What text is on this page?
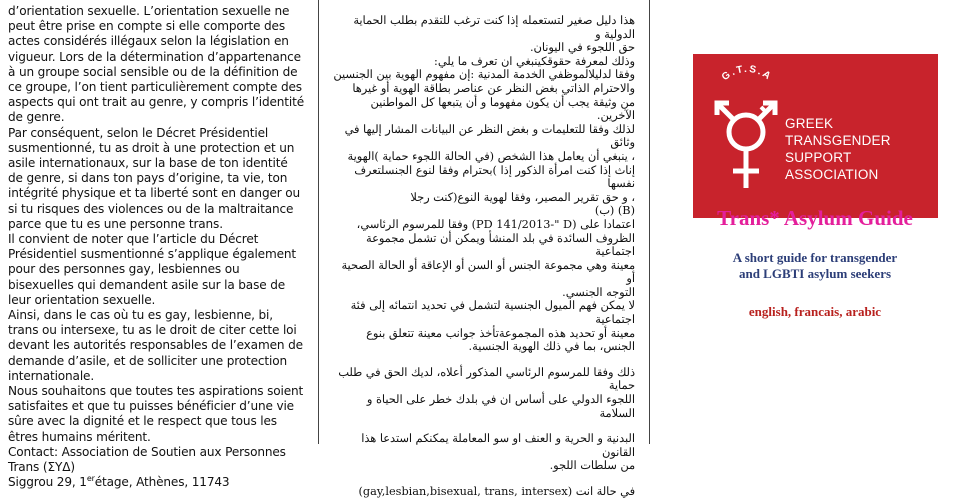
d’orientation sexuelle. L’orientation sexuelle ne peut être prise en compte si elle comporte des actes considérés illégaux selon la législation en vigueur. Lors de la détermination d’appartenance à un groupe social sensible ou de la définition de ce groupe, l’on tient particulièrement compte des aspects qui ont trait au genre, y compris l’identité de genre.

Par conséquent, selon le Décret Présidentiel susmentionné, tu as droit à une protection et un asile internationaux, sur la base de ton identité de genre, si dans ton pays d’origine, ta vie, ton intégrité physique et ta liberté sont en danger ou si tu risques des violences ou de la maltraitance parce que tu es une personne trans.

Il convient de noter que l’article du Décret Présidentiel susmentionné s’applique également pour des personnes gay, lesbiennes ou bisexuelles qui demandent asile sur la base de leur orientation sexuelle.

Ainsi, dans le cas où tu es gay, lesbienne, bi, trans ou intersexe, tu as le droit de citer cette loi devant les autorités responsables de l’examen de demande d’asile, et de solliciter une protection internationale.

Nous souhaitons que toutes tes aspirations soient satisfaites et que tu puisses bénéficier d’une vie sûre avec la dignité et le respect que tous les êtres humains méritent.

Contact: Association de Soutien aux Personnes Trans (ΣΥΔ)

Siggrou 29, 1erétage, Athènes, 11743

هذا دليل صغير لتستعمله إذا كنت ترغب للتقدم بطلب الحماية الدولية و

حق اللجوء في اليونان.

وذلك لمعرفة حقوقكينبغي ان تعرف ما يلي:

وفقا لدليلالموظفي الخدمة المدنية :إن مفهوم الهوية بين الجنسين

والاحترام الذاتي بغض النظر عن عناصر بطاقة الهوية أو غيرها

من وثيقة يجب أن يكون مفهوما و أن يتبعها كل المواطنين الآخرين.

لذلك وفقا للتعليمات و بغض النظر عن البيانات المشار إليها في وثائق

، ينبغي أن يعامل هذا الشخص (في الحالة اللجوء حماية )الهوية

إناث إذا كنت امرأة الذكور إذا )بحترام وفقا لنوع الجنسلتعرف نفسها

، و حق تقرير المصير، وفقا لهوية النوع(كنت رجلا

(B) (ب)

اعتمادا على (PD 141/2013-" D) وفقا للمرسوم الرئاسي،

الظروف السائدة في بلد المنشأ ويمكن أن تشمل مجموعة اجتماعية

معينة وهي مجموعة الجنس أو السن أو الإعاقة أو الحالة الصحية أو

التوجه الجنسي.

لا يمكن فهم الميول الجنسية لتشمل في تحديد انتمائه إلى فئة اجتماعية

معينة أو تحديد هذه المجموعةتأخذ جوانب معينة تتعلق بنوع

الجنس، بما في ذلك الهوية الجنسية.

ذلك وفقا للمرسوم الرئاسي المذكور أعلاه، لديك الحق في طلب حماية

اللجوء الدولي على أساس ان في بلدك خطر على الحياة و السلامة

البدنية و الحرية و العنف او سو المعاملة يمكنكم استدعا هذا القانون

من سلطات اللجو.

في حالة انت (gay,lesbian,bisexual, trans, intersex)

G.T.S.A
GREEK TRANSGENDER
SUPPORT ASSOCIATION
Trans* Asylum Guide
A short guide for transgender
and LGBTI asylum seekers
english, francais, arabic
